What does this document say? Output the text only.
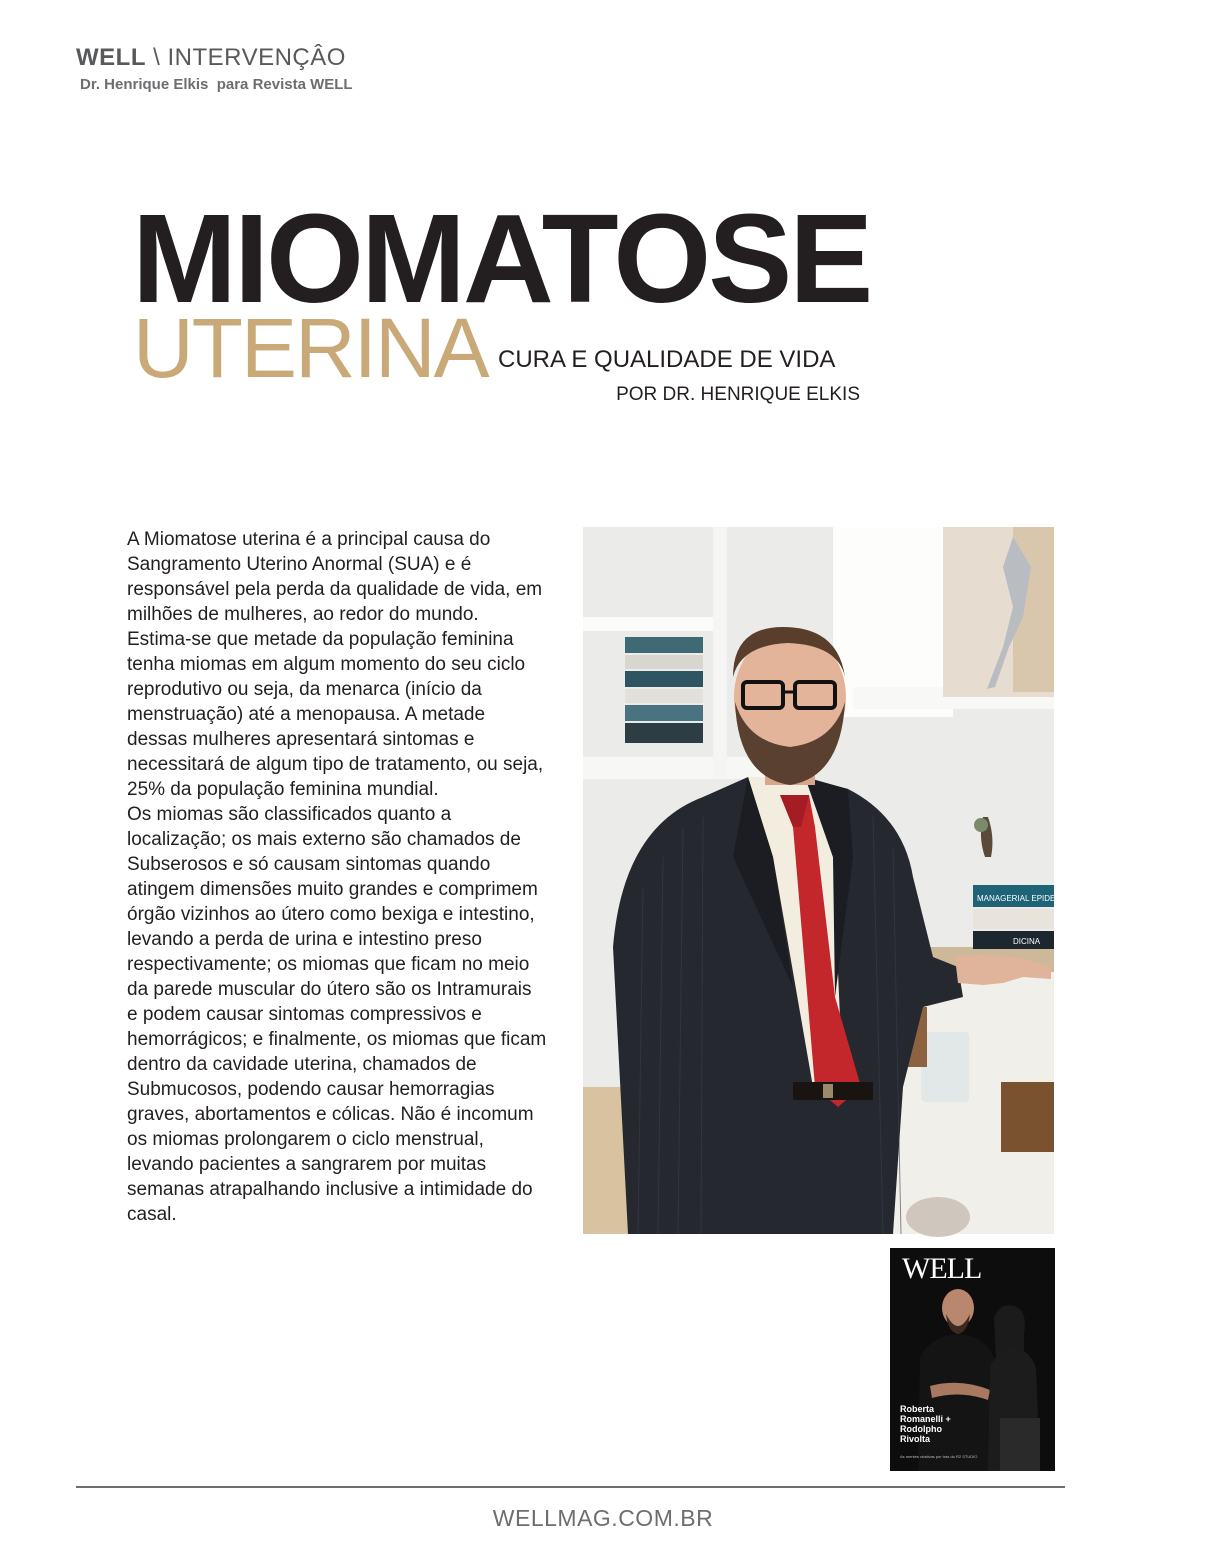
WELL \ INTERVENÇÂO
Dr. Henrique Elkis  para Revista WELL
MIOMATOSE
UTERINA CURA E QUALIDADE DE VIDA
POR DR. HENRIQUE ELKIS

A Miomatose uterina é a principal causa do Sangramento Uterino Anormal (SUA) e é responsável pela perda da qualidade de vida, em milhões de mulheres, ao redor do mundo.

Estima-se que metade da população feminina tenha miomas em algum momento do seu ciclo reprodutivo ou seja, da menarca (início da menstruação) até a menopausa. A metade dessas mulheres apresentará sintomas e necessitará de algum tipo de tratamento, ou seja, 25% da população feminina mundial.

Os miomas são classificados quanto a localização; os mais externo são chamados de Subserosos e só causam sintomas quando atingem dimensões muito grandes e comprimem órgão vizinhos ao útero como bexiga e intestino, levando a perda de urina e intestino preso respectivamente; os miomas que ficam no meio da parede muscular do útero são os Intramurais e podem causar sintomas compressivos e hemorrágicos; e finalmente, os miomas que ficam dentro da cavidade uterina, chamados de Submucosos, podendo causar hemorragias graves, abortamentos e cólicas. Não é incomum os miomas prolongarem o ciclo menstrual, levando pacientes a sangrarem por muitas semanas atrapalhando inclusive a intimidade do casal.

MANAGERIAL EPIDEMIOLOG
DICINA
WELL
Roberta
Romanelli +
Rodolpho
Rivolta
As mentes criativas por trás do R2 STUDIO
WELLMAG.COM.BR
